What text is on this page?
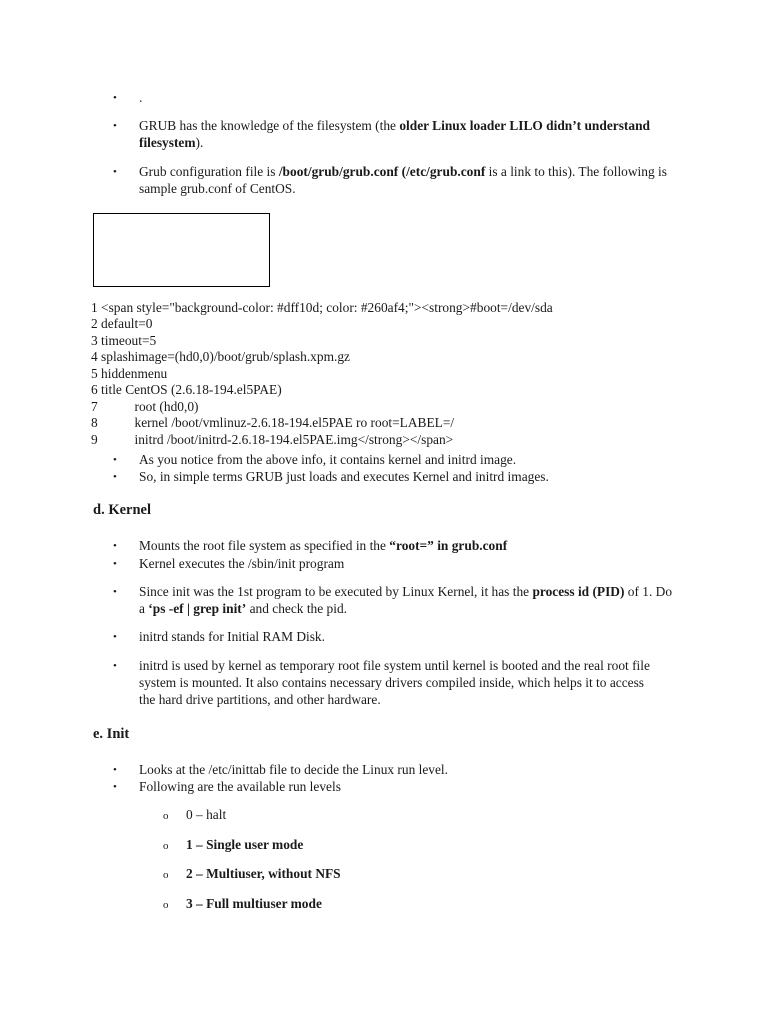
• .
• GRUB has the knowledge of the filesystem (the older Linux loader LILO didn’t understand filesystem).
• Grub configuration file is /boot/grub/grub.conf (/etc/grub.conf is a link to this). The following is sample grub.conf of CentOS.
1 <span style="background-color: #dff10d; color: #260af4;"><strong>#boot=/dev/sda
2 default=0
3 timeout=5
4 splashimage=(hd0,0)/boot/grub/splash.xpm.gz
5 hiddenmenu
6 title CentOS (2.6.18-194.el5PAE)
7           root (hd0,0)
8           kernel /boot/vmlinuz-2.6.18-194.el5PAE ro root=LABEL=/
9           initrd /boot/initrd-2.6.18-194.el5PAE.img</strong></span>
• As you notice from the above info, it contains kernel and initrd image.
• So, in simple terms GRUB just loads and executes Kernel and initrd images.
d. Kernel
• Mounts the root file system as specified in the “root=” in grub.conf
• Kernel executes the /sbin/init program
• Since init was the 1st program to be executed by Linux Kernel, it has the process id (PID) of 1. Do a ‘ps -ef | grep init’ and check the pid.
• initrd stands for Initial RAM Disk.
• initrd is used by kernel as temporary root file system until kernel is booted and the real root file system is mounted. It also contains necessary drivers compiled inside, which helps it to access the hard drive partitions, and other hardware.
e. Init
• Looks at the /etc/inittab file to decide the Linux run level.
• Following are the available run levels
o 0 – halt
o 1 – Single user mode
o 2 – Multiuser, without NFS
o 3 – Full multiuser mode
